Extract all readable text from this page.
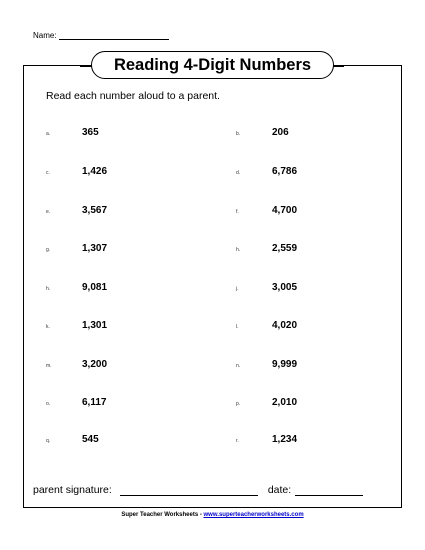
Name:
Reading 4-Digit Numbers
Read each number aloud to a parent.
a.	365	b.	206
c.	1,426	d.	6,786
e.	3,567	f.	4,700
g.	1,307	h.	2,559
h.	9,081	j.	3,005
k.	1,301	l.	4,020
m.	3,200	n.	9,999
o.	6,117	p.	2,010
q.	545	r.	1,234
parent signature:	date:
Super Teacher Worksheets - www.superteacherworksheets.com
